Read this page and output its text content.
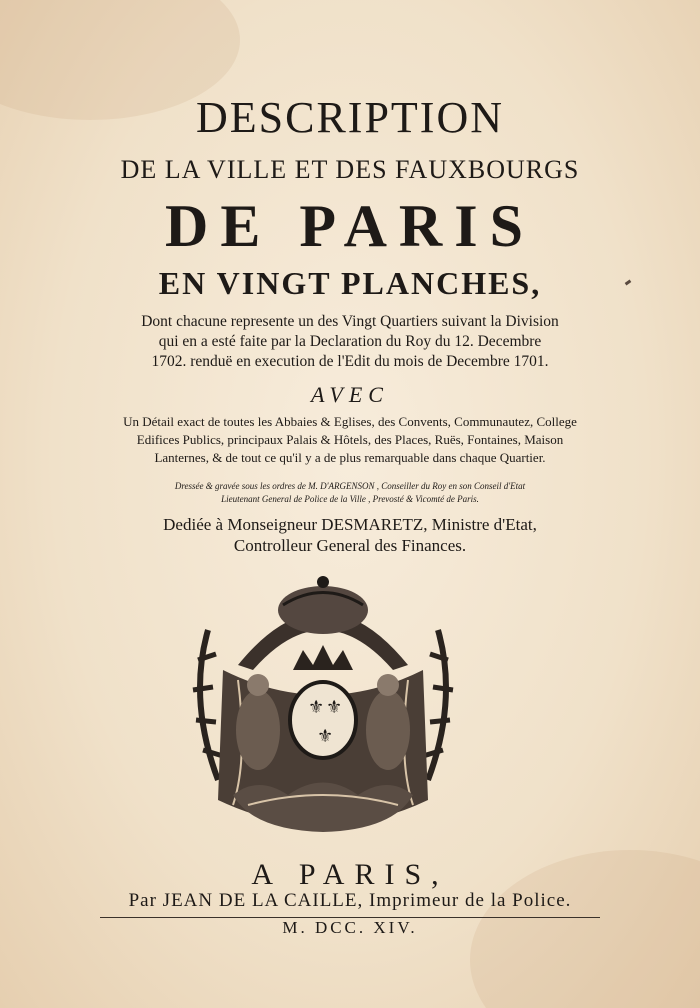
DESCRIPTION
DE LA VILLE ET DES FAUXBOURGS
DE PARIS
EN VINGT PLANCHES,
Dont chacune represente un des Vingt Quartiers suivant la Division
qui en a esté faite par la Declaration du Roy du 12. Decembre
1702. renduë en execution de l'Edit du mois de Decembre 1701.
AVEC
Un Détail exact de toutes les Abbaies & Eglises, des Convents, Communautez, College
Edifices Publics, principaux Palais & Hôtels, des Places, Ruës, Fontaines, Maison
Lanternes, & de tout ce qu'il y a de plus remarquable dans chaque Quartier.
Dressée & gravée sous les ordres de M. D'ARGENSON , Conseiller du Roy en son Conseil d'Etat
Lieutenant General de Police de la Ville , Prevosté & Vicomté de Paris.
Dediée à Monseigneur DESMARETZ, Ministre d'Etat,
Controlleur General des Finances.
⚜ ⚜
⚜
A PARIS,
Par JEAN DE LA CAILLE, Imprimeur de la Police.
M. DCC. XIV.
